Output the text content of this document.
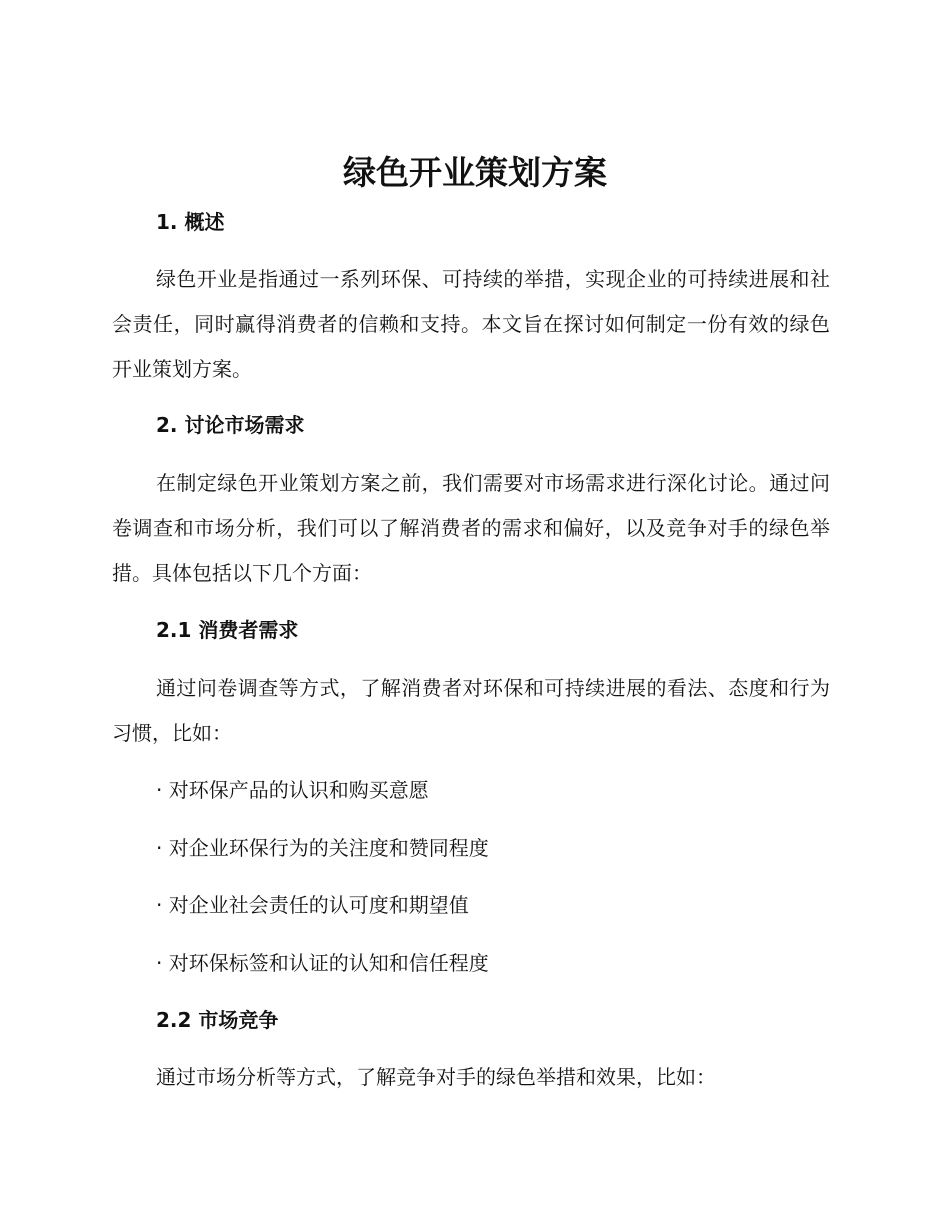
绿色开业策划方案
1. 概述
绿色开业是指通过一系列环保、可持续的举措，实现企业的可持续进展和社会责任，同时赢得消费者的信赖和支持。本文旨在探讨如何制定一份有效的绿色开业策划方案。
2. 讨论市场需求
在制定绿色开业策划方案之前，我们需要对市场需求进行深化讨论。通过问卷调查和市场分析，我们可以了解消费者的需求和偏好，以及竞争对手的绿色举措。具体包括以下几个方面：
2.1 消费者需求
通过问卷调查等方式，了解消费者对环保和可持续进展的看法、态度和行为习惯，比如：
· 对环保产品的认识和购买意愿
· 对企业环保行为的关注度和赞同程度
· 对企业社会责任的认可度和期望值
· 对环保标签和认证的认知和信任程度
2.2 市场竞争
通过市场分析等方式，了解竞争对手的绿色举措和效果，比如：
